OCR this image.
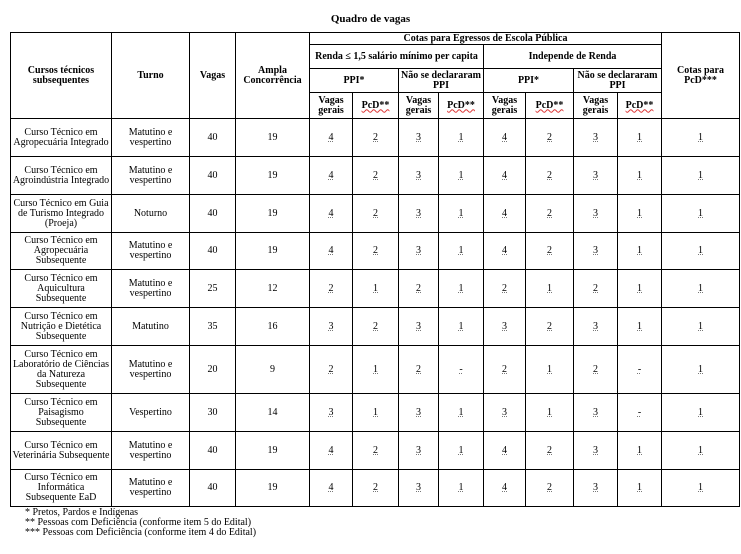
Quadro de vagas
Cursos técnicos subsequentes	Turno	Vagas	Ampla Concorrência	Cotas para Egressos de Escola Pública								Cotas para PcD***
				Renda ≤ 1,5 salário mínimo per capita				Independe de Renda				
				PPI*		Não se declararam PPI		PPI*		Não se declararam PPI		
				Vagas gerais	PcD**	Vagas gerais	PcD**	Vagas gerais	PcD**	Vagas gerais	PcD**	
Curso Técnico em Agropecuária Integrado	Matutino e vespertino	40	19	4	2	3	1	4	2	3	1	1
Curso Técnico em Agroindústria Integrado	Matutino e vespertino	40	19	4	2	3	1	4	2	3	1	1
Curso Técnico em Guia de Turismo Integrado (Proeja)	Noturno	40	19	4	2	3	1	4	2	3	1	1
Curso Técnico em Agropecuária Subsequente	Matutino e vespertino	40	19	4	2	3	1	4	2	3	1	1
Curso Técnico em Aquicultura Subsequente	Matutino e vespertino	25	12	2	1	2	1	2	1	2	1	1
Curso Técnico em Nutrição e Dietética Subsequente	Matutino	35	16	3	2	3	1	3	2	3	1	1
Curso Técnico em Laboratório de Ciências da Natureza Subsequente	Matutino e vespertino	20	9	2	1	2	-	2	1	2	-	1
Curso Técnico em Paisagismo Subsequente	Vespertino	30	14	3	1	3	1	3	1	3	-	1
Curso Técnico em Veterinária Subsequente	Matutino e vespertino	40	19	4	2	3	1	4	2	3	1	1
Curso Técnico em Informática Subsequente EaD	Matutino e vespertino	40	19	4	2	3	1	4	2	3	1	1
* Pretos, Pardos e Indígenas
** Pessoas com Deficiência (conforme item 5 do Edital)
*** Pessoas com Deficiência (conforme item 4 do Edital)
